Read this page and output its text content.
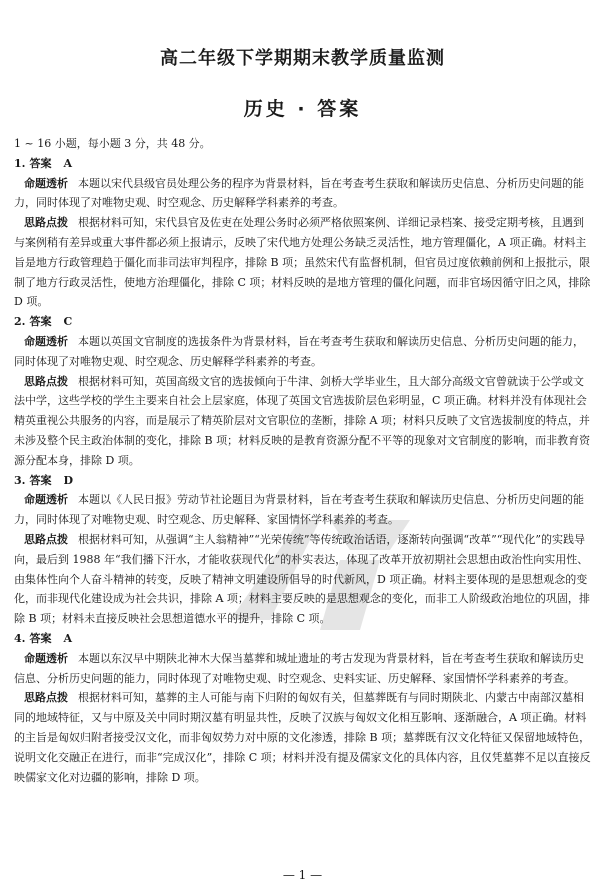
高二年级下学期期末教学质量监测
历史 · 答案

1 ~ 16 小题，每小题 3 分，共 48 分。

1. 答案 A

命题透析 本题以宋代县级官员处理公务的程序为背景材料，旨在考查考生获取和解读历史信息、分析历史问题的能力，同时体现了对唯物史观、时空观念、历史解释学科素养的考查。

思路点拨 根据材料可知，宋代县官及佐吏在处理公务时必须严格依照案例、详细记录档案、接受定期考核，且遇到与案例稍有差异或重大事件都必须上报请示，反映了宋代地方处理公务缺乏灵活性，地方管理僵化，A 项正确。材料主旨是地方行政管理趋于僵化而非司法审判程序，排除 B 项；虽然宋代有监督机制，但官员过度依赖前例和上报批示，限制了地方行政灵活性，使地方治理僵化，排除 C 项；材料反映的是地方管理的僵化问题，而非官场因循守旧之风，排除 D 项。

2. 答案 C

命题透析 本题以英国文官制度的选拔条件为背景材料，旨在考查考生获取和解读历史信息、分析历史问题的能力，同时体现了对唯物史观、时空观念、历史解释学科素养的考查。

思路点拨 根据材料可知，英国高级文官的选拔倾向于牛津、剑桥大学毕业生，且大部分高级文官曾就读于公学或文法中学，这些学校的学生主要来自社会上层家庭，体现了英国文官选拔阶层色彩明显，C 项正确。材料并没有体现社会精英重视公共服务的内容，而是展示了精英阶层对文官职位的垄断，排除 A 项；材料只反映了文官选拔制度的特点，并未涉及整个民主政治体制的变化，排除 B 项；材料反映的是教育资源分配不平等的现象对文官制度的影响，而非教育资源分配本身，排除 D 项。

3. 答案 D

命题透析 本题以《人民日报》劳动节社论题目为背景材料，旨在考查考生获取和解读历史信息、分析历史问题的能力，同时体现了对唯物史观、时空观念、历史解释、家国情怀学科素养的考查。

思路点拨 根据材料可知，从强调“主人翁精神”“光荣传统”等传统政治话语，逐渐转向强调“改革”“现代化”的实践导向，最后到 1988 年“我们播下汗水，才能收获现代化”的朴实表达，体现了改革开放初期社会思想由政治性向实用性、由集体性向个人奋斗精神的转变，反映了精神文明建设所倡导的时代新风，D 项正确。材料主要体现的是思想观念的变化，而非现代化建设成为社会共识，排除 A 项；材料主要反映的是思想观念的变化，而非工人阶级政治地位的巩固，排除 B 项；材料未直接反映社会思想道德水平的提升，排除 C 项。

4. 答案 A

命题透析 本题以东汉早中期陕北神木大保当墓葬和城址遗址的考古发现为背景材料，旨在考查考生获取和解读历史信息、分析历史问题的能力，同时体现了对唯物史观、时空观念、史料实证、历史解释、家国情怀学科素养的考查。

思路点拨 根据材料可知，墓葬的主人可能与南下归附的匈奴有关，但墓葬既有与同时期陕北、内蒙古中南部汉墓相同的地域特征，又与中原及关中同时期汉墓有明显共性，反映了汉族与匈奴文化相互影响、逐渐融合，A 项正确。材料的主旨是匈奴归附者接受汉文化，而非匈奴势力对中原的文化渗透，排除 B 项；墓葬既有汉文化特征又保留地域特色，说明文化交融正在进行，而非“完成汉化”，排除 C 项；材料并没有提及儒家文化的具体内容，且仅凭墓葬不足以直接反映儒家文化对边疆的影响，排除 D 项。

— 1 —
